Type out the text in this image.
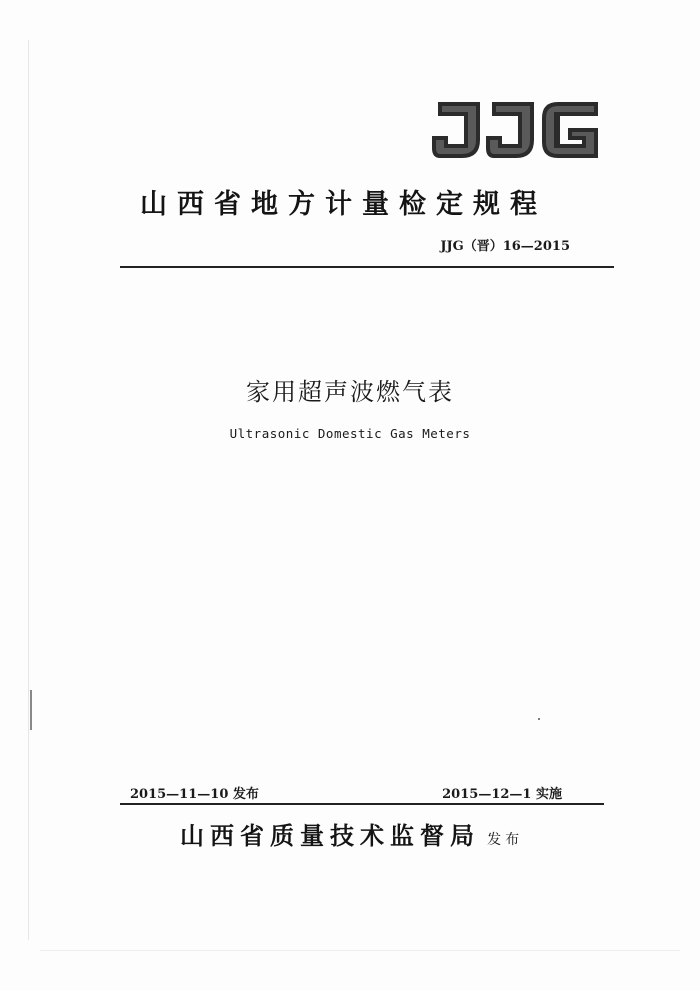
山西省地方计量检定规程
JJG（晋）16—2015
家用超声波燃气表
Ultrasonic Domestic Gas Meters
2015—11—10 发布	2015—12—1 实施
山西省质量技术监督局 发布
